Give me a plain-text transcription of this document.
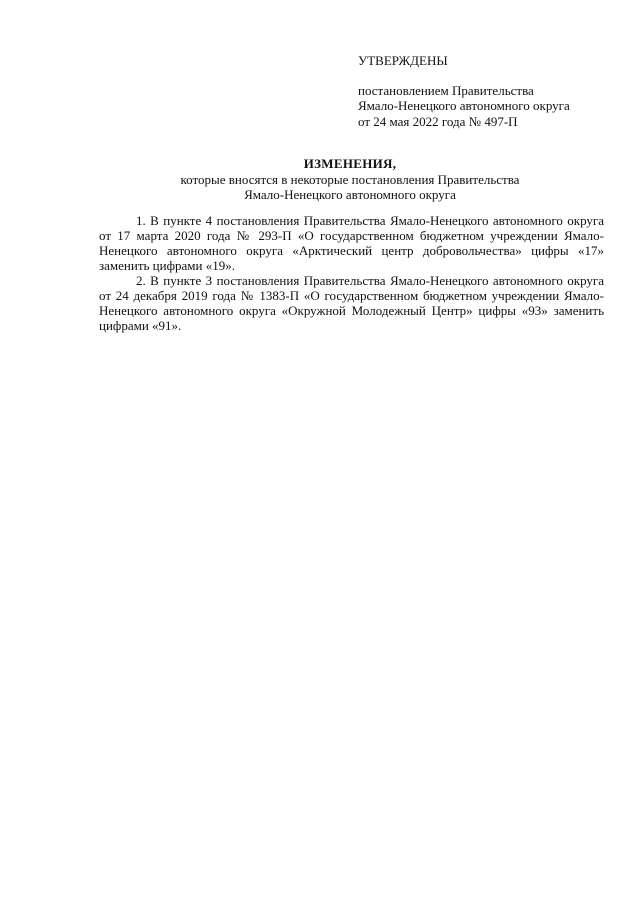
УТВЕРЖДЕНЫ
постановлением Правительства
Ямало-Ненецкого автономного округа
от 24 мая 2022 года № 497-П
ИЗМЕНЕНИЯ,
которые вносятся в некоторые постановления Правительства
Ямало-Ненецкого автономного округа

1. В пункте 4 постановления Правительства Ямало-Ненецкого автономного округа от 17 марта 2020 года № 293-П «О государственном бюджетном учреждении Ямало-Ненецкого автономного округа «Арктический центр добровольчества» цифры «17» заменить цифрами «19».

2. В пункте 3 постановления Правительства Ямало-Ненецкого автономного округа от 24 декабря 2019 года № 1383-П «О государственном бюджетном учреждении Ямало-Ненецкого автономного округа «Окружной Молодежный Центр» цифры «93» заменить цифрами «91».
